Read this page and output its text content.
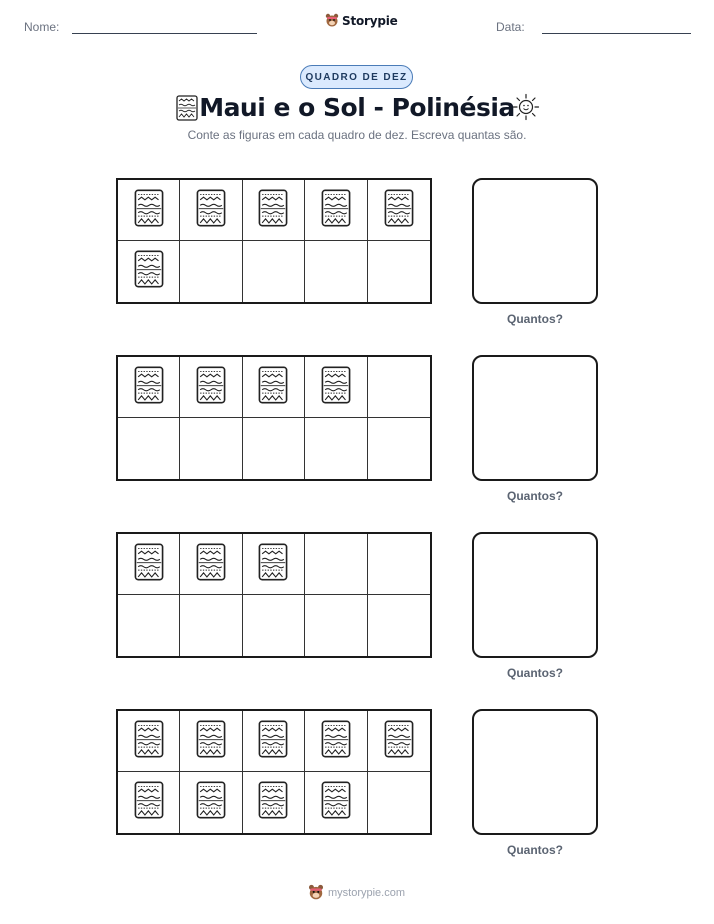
Nome:	Storypie	Data:
QUADRO DE DEZ
Maui e o Sol - Polinésia
Conte as figuras em cada quadro de dez. Escreva quantas são.
Quantos?
Quantos?
Quantos?
Quantos?
mystorypie.com
